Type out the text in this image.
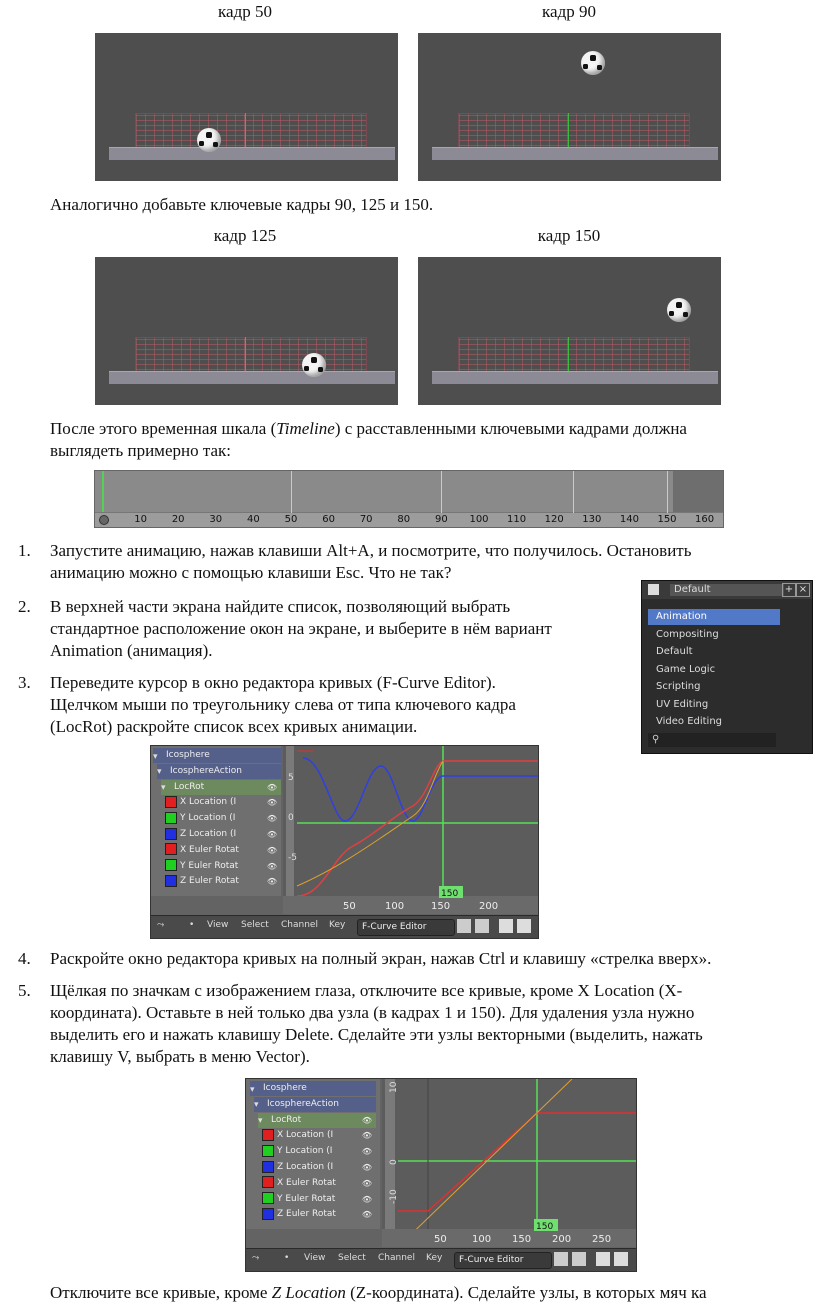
кадр 50	кадр 90
Аналогично добавьте ключевые кадры 90, 125 и 150.
кадр 125	кадр 150
После этого временная шкала (Timeline) с расставленными ключевыми кадрами должна
выглядеть примерно так:
10 20 30 40 50 60 70 80 90 100 110 120 130 140 150 160
1. Запустите анимацию, нажав клавиши Alt+A, и посмотрите, что получилось. Остановить
анимацию можно с помощью клавиши Esc. Что не так?
2. В верхней части экрана найдите список, позволяющий выбрать
стандартное расположение окон на экране, и выберите в нём вариант
Animation (анимация).
3. Переведите курсор в окно редактора кривых (F-Curve Editor).
Щелчком мыши по треугольнику слева от типа ключевого кадра
(LocRot) раскройте список всех кривых анимации.
Default	+ ×
Animation
Compositing
Default
Game Logic
Scripting
UV Editing
Video Editing
⚲
▾ Icosphere
▾ IcosphereAction
▾ LocRot	👁
X Location (I	👁
Y Location (I	👁
Z Location (I	👁
X Euler Rotat	👁
Y Euler Rotat	👁
Z Euler Rotat	👁
5
0
-5
50	100	150	200
150
⤳	• View Select Channel Key	F-Curve Editor
4. Раскройте окно редактора кривых на полный экран, нажав Ctrl и клавишу «стрелка вверх».
5. Щёлкая по значкам с изображением глаза, отключите все кривые, кроме X Location (X-
координата). Оставьте в ней только два узла (в кадрах 1 и 150). Для удаления узла нужно
выделить его и нажать клавишу Delete. Сделайте эти узлы векторными (выделить, нажать
клавишу V, выбрать в меню Vector).
▾ Icosphere
▾ IcosphereAction
▾ LocRot	👁
X Location (I	👁
Y Location (I	👁
Z Location (I	👁
X Euler Rotat	👁
Y Euler Rotat	👁
Z Euler Rotat	👁
10
0
-10
50	100 150 200 250
150
⤳	• View Select Channel Key	F-Curve Editor
Отключите все кривые, кроме Z Location (Z-координата). Сделайте узлы, в которых мяч ка
